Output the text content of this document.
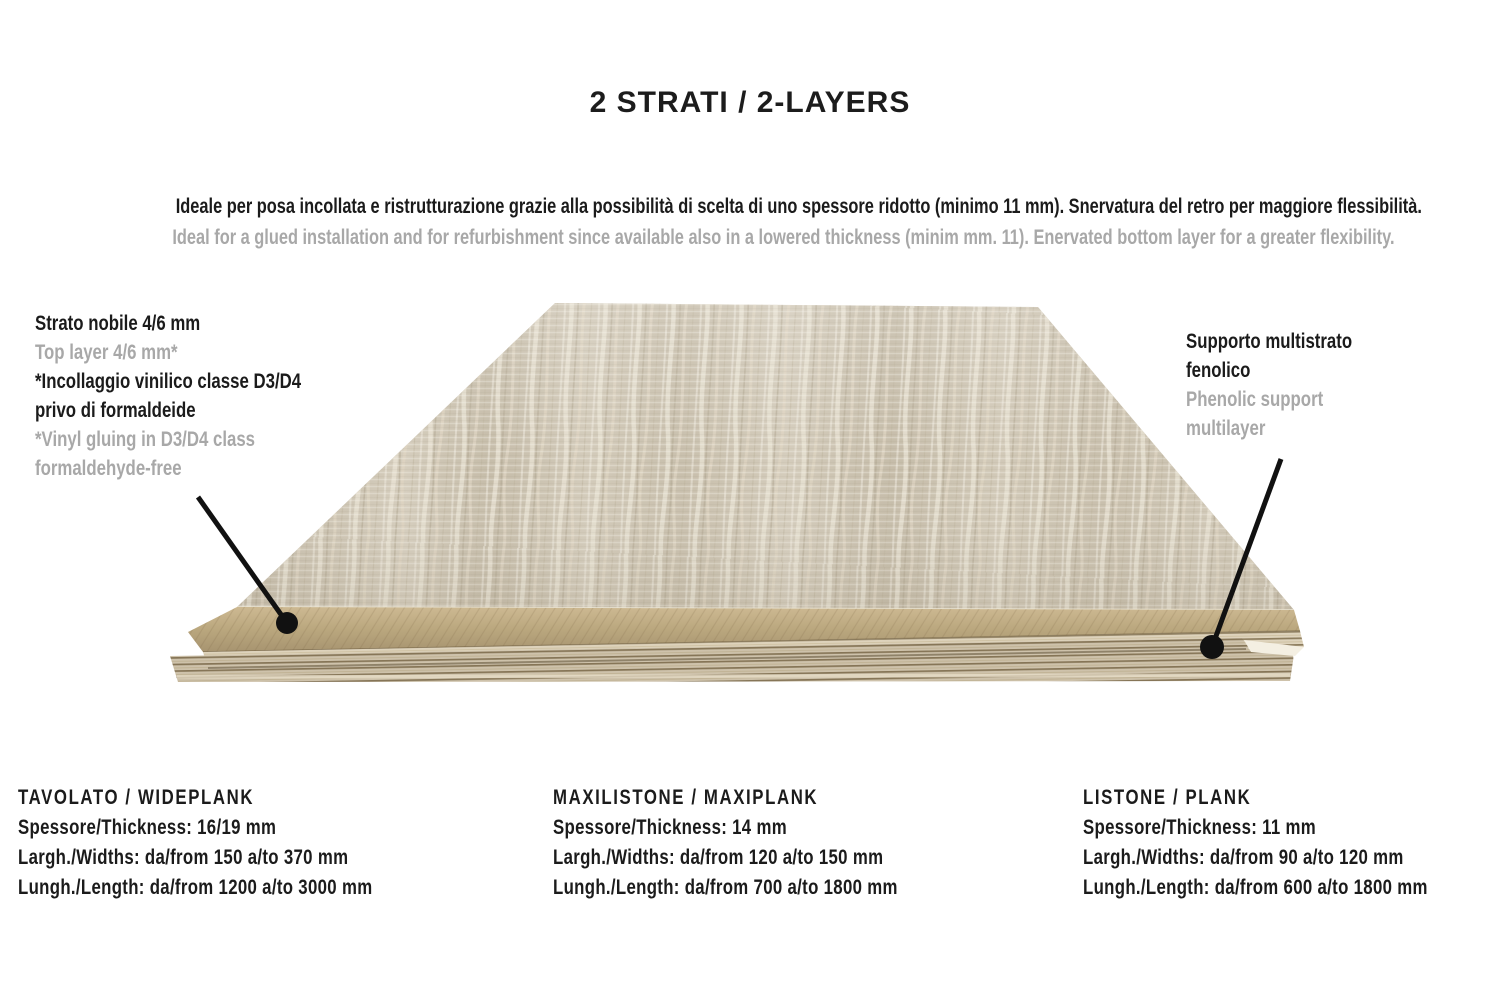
2 STRATI / 2-LAYERS
Ideale per posa incollata e ristrutturazione grazie alla possibilità di scelta di uno spessore ridotto (minimo 11 mm). Snervatura del retro per maggiore flessibilità.
Ideal for a glued installation and for refurbishment since available also in a lowered thickness (minim mm. 11). Enervated bottom layer for a greater flexibility.
Strato nobile 4/6 mm
Top layer 4/6 mm*
*Incollaggio vinilico classe D3/D4
privo di formaldeide
*Vinyl gluing in D3/D4 class
formaldehyde-free
Supporto multistrato
fenolico
Phenolic support
multilayer
TAVOLATO / WIDEPLANK
Spessore/Thickness: 16/19 mm
Largh./Widths: da/from 150 a/to 370 mm
Lungh./Length: da/from 1200 a/to 3000 mm
MAXILISTONE / MAXIPLANK
Spessore/Thickness: 14 mm
Largh./Widths: da/from 120 a/to 150 mm
Lungh./Length: da/from 700 a/to 1800 mm
LISTONE / PLANK
Spessore/Thickness: 11 mm
Largh./Widths: da/from 90 a/to 120 mm
Lungh./Length: da/from 600 a/to 1800 mm
